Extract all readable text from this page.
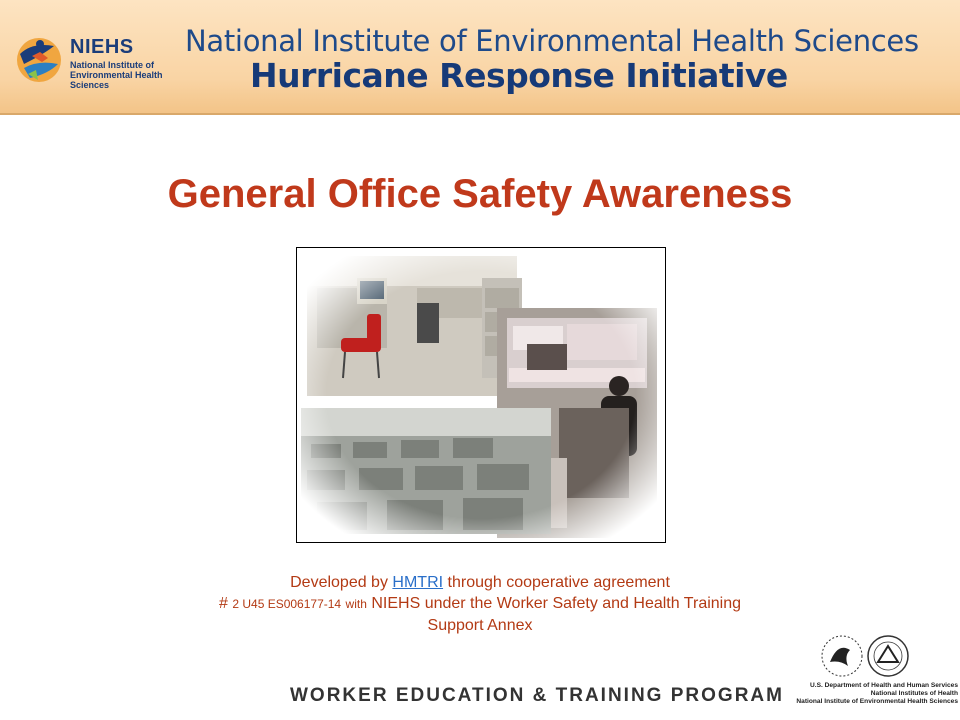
NIEHS
National Institute of
Environmental Health Sciences
National Institute of Environmental Health Sciences
Hurricane Response Initiative
General Office Safety Awareness
Developed by HMTRI through cooperative agreement
# 2 U45 ES006177-14 with NIEHS under the Worker Safety and Health Training
Support Annex
WORKER EDUCATION & TRAINING PROGRAM	U.S. Department of Health and Human Services
National Institutes of Health
National Institute of Environmental Health Sciences
